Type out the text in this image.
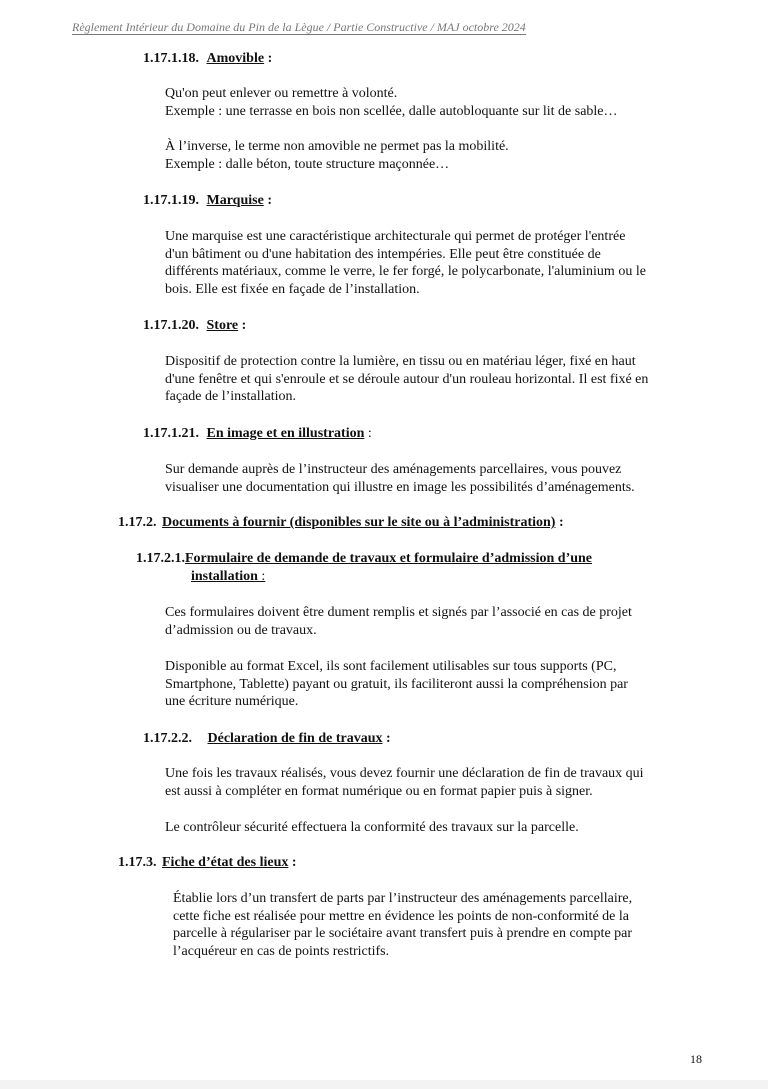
Règlement Intérieur du Domaine du Pin de la Lègue / Partie Constructive / MAJ octobre 2024
1.17.1.18. Amovible :
Qu'on peut enlever ou remettre à volonté.
Exemple : une terrasse en bois non scellée, dalle autobloquante sur lit de sable…
À l’inverse, le terme non amovible ne permet pas la mobilité.
Exemple : dalle béton, toute structure maçonnée…
1.17.1.19. Marquise :
Une marquise est une caractéristique architecturale qui permet de protéger l'entrée
d'un bâtiment ou d'une habitation des intempéries. Elle peut être constituée de
différents matériaux, comme le verre, le fer forgé, le polycarbonate, l'aluminium ou le
bois. Elle est fixée en façade de l’installation.
1.17.1.20. Store :
Dispositif de protection contre la lumière, en tissu ou en matériau léger, fixé en haut
d'une fenêtre et qui s'enroule et se déroule autour d'un rouleau horizontal. Il est fixé en
façade de l’installation.
1.17.1.21. En image et en illustration :
Sur demande auprès de l’instructeur des aménagements parcellaires, vous pouvez
visualiser une documentation qui illustre en image les possibilités d’aménagements.
1.17.2. Documents à fournir (disponibles sur le site ou à l’administration) :
1.17.2.1.Formulaire de demande de travaux et formulaire d’admission d’une
installation :
Ces formulaires doivent être dument remplis et signés par l’associé en cas de projet
d’admission ou de travaux.
Disponible au format Excel, ils sont facilement utilisables sur tous supports (PC,
Smartphone, Tablette) payant ou gratuit, ils faciliteront aussi la compréhension par
une écriture numérique.
1.17.2.2. Déclaration de fin de travaux :
Une fois les travaux réalisés, vous devez fournir une déclaration de fin de travaux qui
est aussi à compléter en format numérique ou en format papier puis à signer.
Le contrôleur sécurité effectuera la conformité des travaux sur la parcelle.
1.17.3. Fiche d’état des lieux :
Établie lors d’un transfert de parts par l’instructeur des aménagements parcellaire,
cette fiche est réalisée pour mettre en évidence les points de non-conformité de la
parcelle à régulariser par le sociétaire avant transfert puis à prendre en compte par
l’acquéreur en cas de points restrictifs.
18
